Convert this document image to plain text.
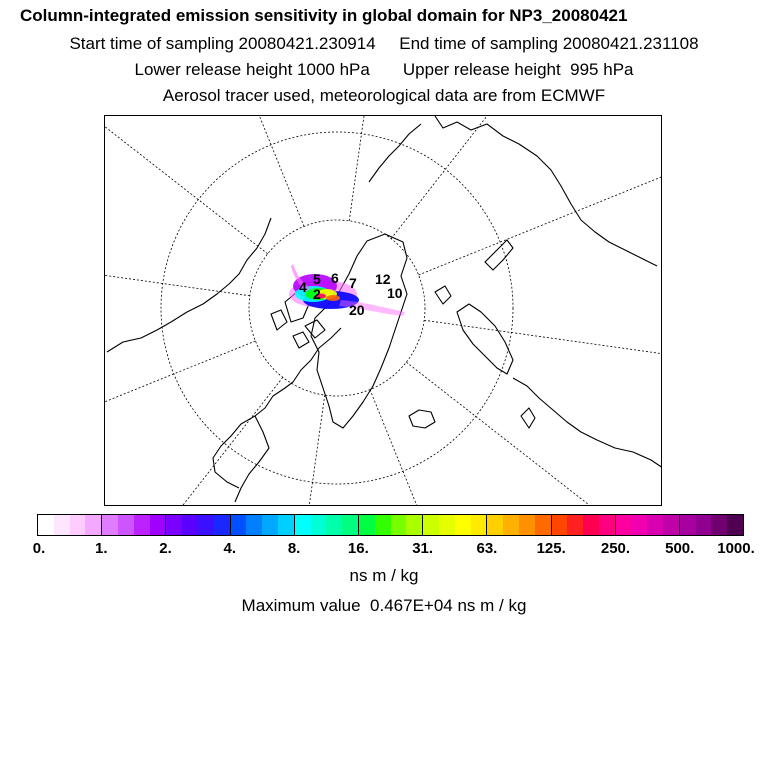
Column-integrated emission sensitivity in global domain for NP3_20080421
Start time of sampling 20080421.230914     End time of sampling 20080421.231108
Lower release height 1000 hPa       Upper release height  995 hPa
Aerosol tracer used, meteorological data are from ECMWF
5 6 7 12
4
20
10
2
0.	1.	2.	4.	8.	16.	31.	63.	125. 250. 500. 1000.
ns m / kg
Maximum value  0.467E+04 ns m / kg
